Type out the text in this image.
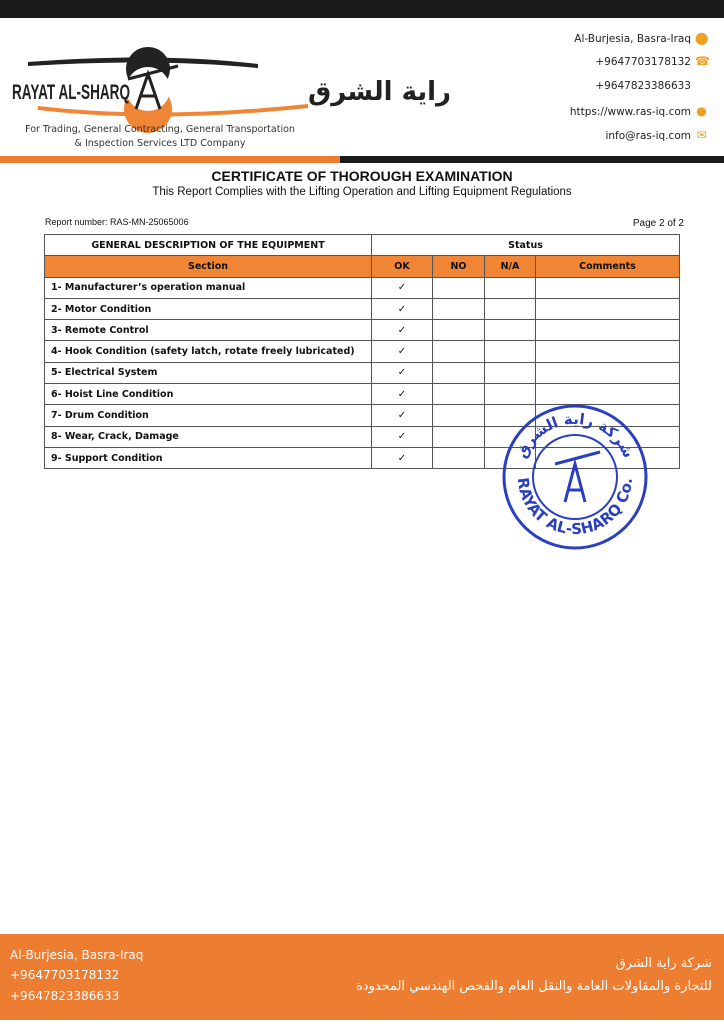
RAYAT AL-SHARQ	راية الشرق
For Trading, General Contracting, General Transportation
& Inspection Services LTD Company
Al-Burjesia, Basra-Iraq ⬤
+9647703178132 ☎
+9647823386633
https://www.ras-iq.com ●
info@ras-iq.com ✉
CERTIFICATE OF THOROUGH EXAMINATION
This Report Complies with the Lifting Operation and Lifting Equipment Regulations
Report number: RAS-MN-25065006	Page 2 of 2
GENERAL DESCRIPTION OF THE EQUIPMENT	Status			
Section	OK	NO	N/A	Comments
1- Manufacturer’s operation manual	✓			
2- Motor Condition	✓			
3- Remote Control	✓			
4- Hook Condition (safety latch, rotate freely lubricated)	✓			
5- Electrical System	✓			
6- Hoist Line Condition	✓			
7- Drum Condition	✓			
8- Wear, Crack, Damage	✓			
9- Support Condition	✓			
RAYAT AL-SHARQ Co.
شركة راية الشرق
Al-Burjesia, Basra-Iraq
+9647703178132
+9647823386633
شركة راية الشرق
للتجارة والمقاولات العامة والنقل العام والفحص الهندسي المحدودة
